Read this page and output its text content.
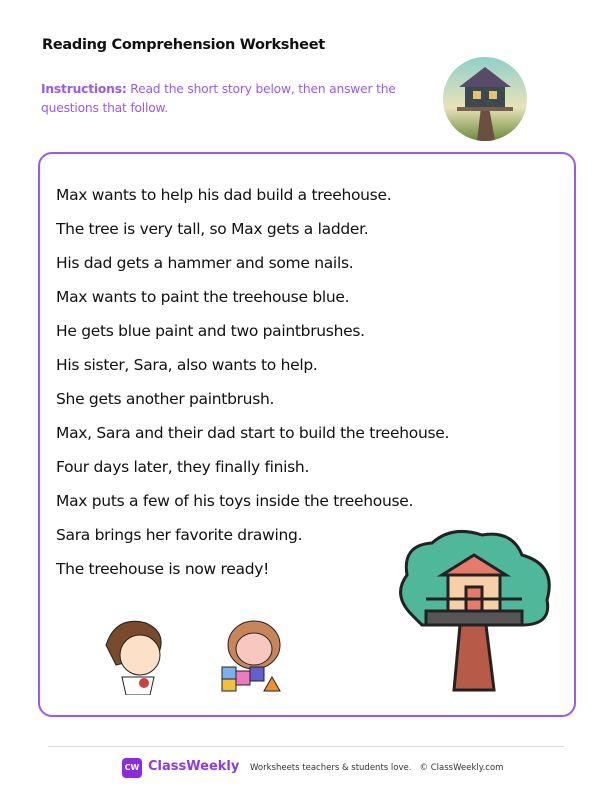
Reading Comprehension Worksheet
Instructions: Read the short story below, then answer the questions that follow.
Max wants to help his dad build a treehouse.
The tree is very tall, so Max gets a ladder.
His dad gets a hammer and some nails.
Max wants to paint the treehouse blue.
He gets blue paint and two paintbrushes.
His sister, Sara, also wants to help.
She gets another paintbrush.
Max, Sara and their dad start to build the treehouse.
Four days later, they finally finish.
Max puts a few of his toys inside the treehouse.
Sara brings her favorite drawing.
The treehouse is now ready!
CW ClassWeekly Worksheets teachers & students love.   © ClassWeekly.com
